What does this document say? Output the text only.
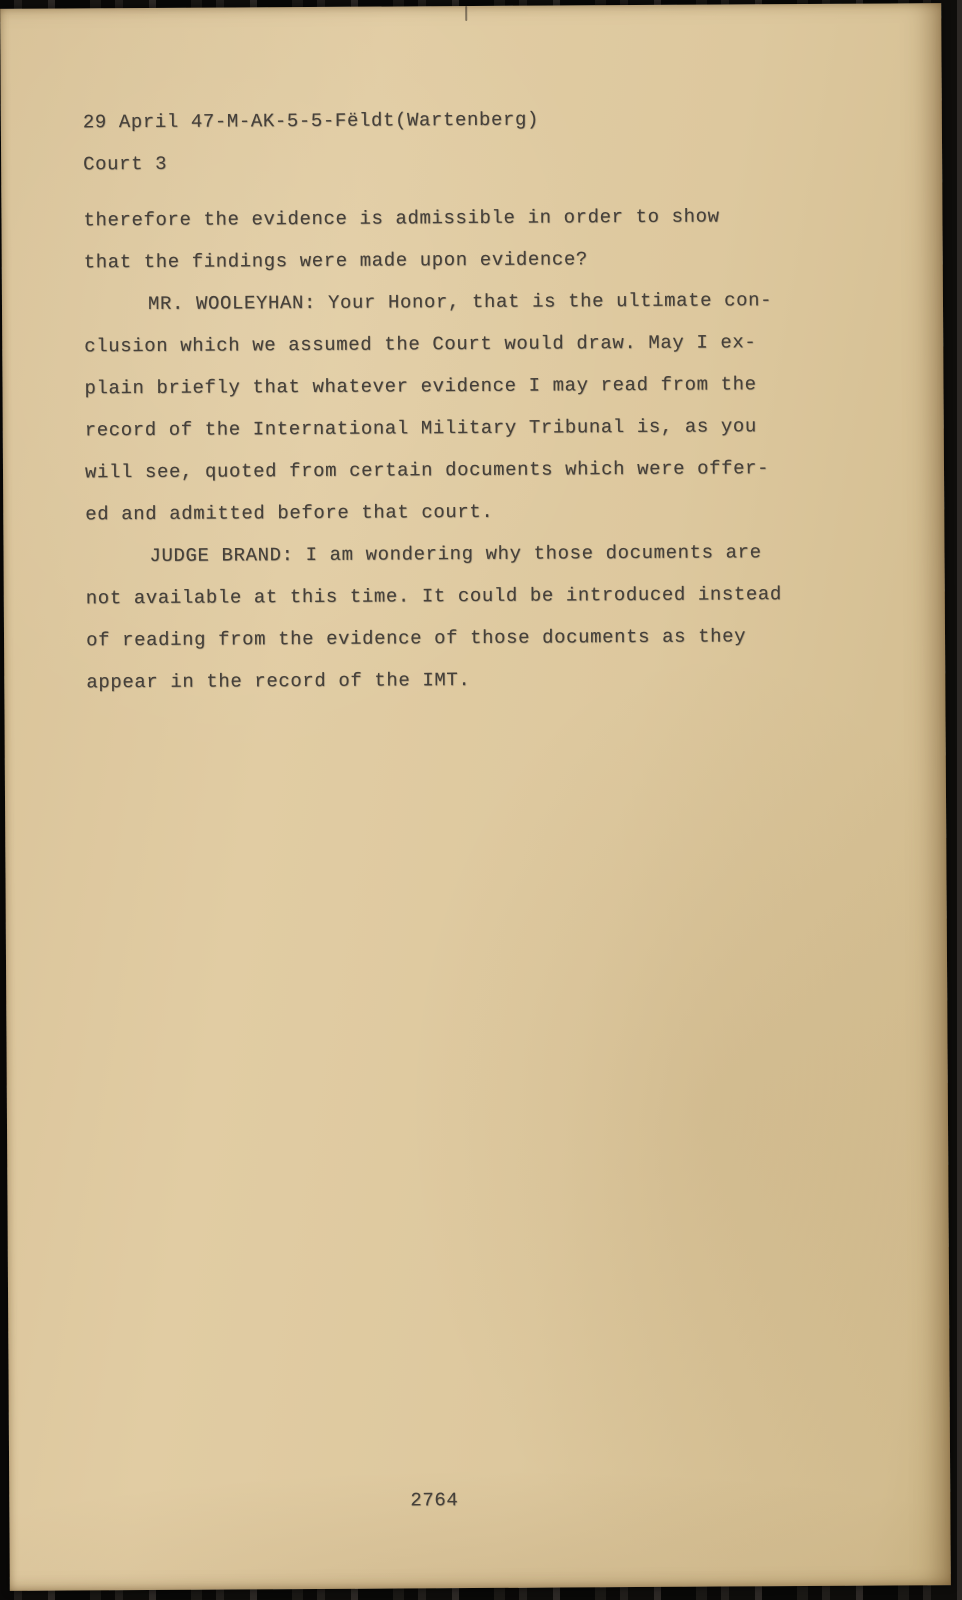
29 April 47-M-AK-5-5-Fëldt(Wartenberg)
Court 3
therefore the evidence is admissible in order to show
that the findings were made upon evidence?
MR. WOOLEYHAN: Your Honor, that is the ultimate con-
clusion which we assumed the Court would draw. May I ex-
plain briefly that whatever evidence I may read from the
record of the International Military Tribunal is, as you
will see, quoted from certain documents which were offer-
ed and admitted before that court.
JUDGE BRAND: I am wondering why those documents are
not available at this time. It could be introduced instead
of reading from the evidence of those documents as they
appear in the record of the IMT.
2764
